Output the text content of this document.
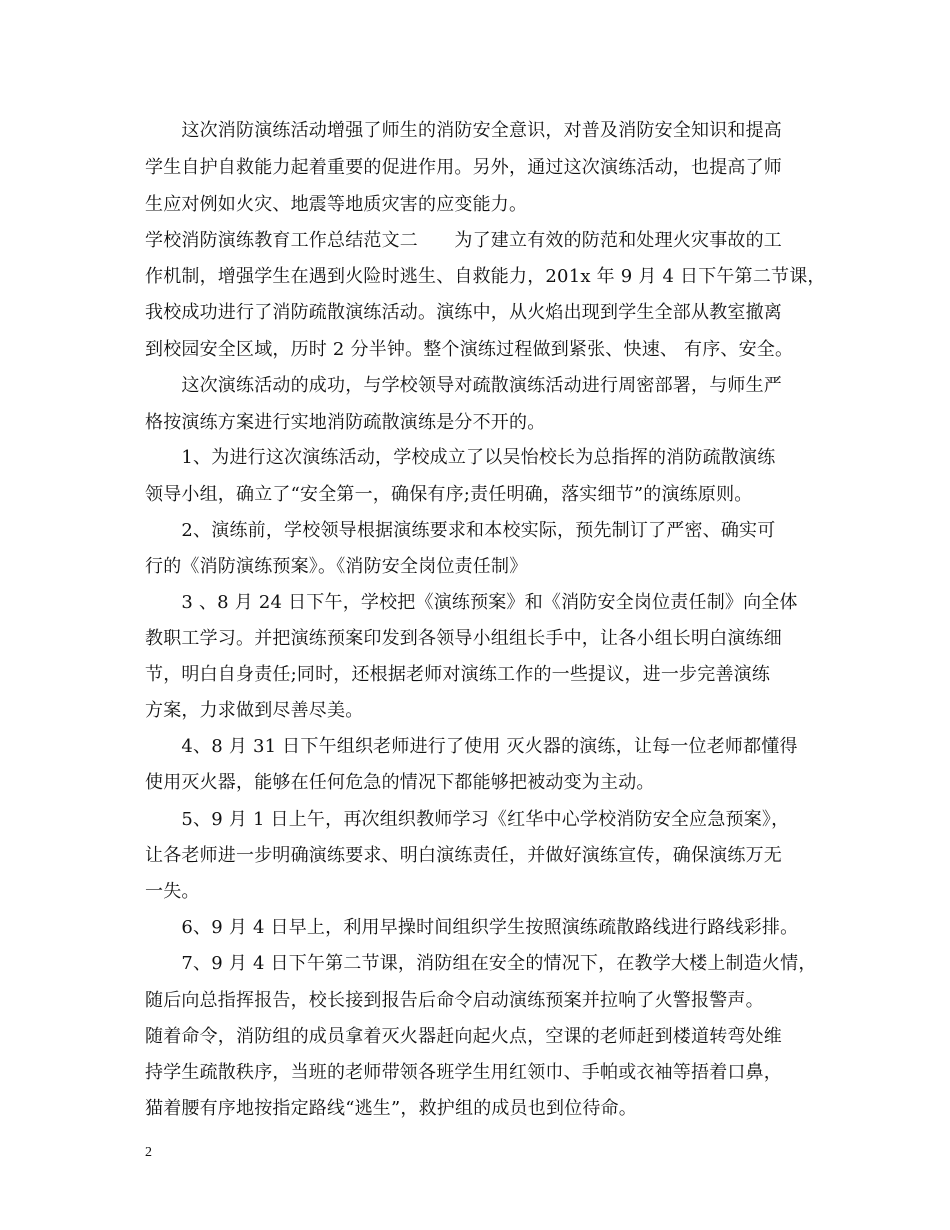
　　这次消防演练活动增强了师生的消防安全意识，对普及消防安全知识和提高
学生自护自救能力起着重要的促进作用。另外，通过这次演练活动，也提高了师
生应对例如火灾、地震等地质灾害的应变能力。
学校消防演练教育工作总结范文二　　为了建立有效的防范和处理火灾事故的工
作机制，增强学生在遇到火险时逃生、自救能力，201x 年 9 月 4 日下午第二节课，
我校成功进行了消防疏散演练活动。演练中，从火焰出现到学生全部从教室撤离
到校园安全区域，历时 2 分半钟。整个演练过程做到紧张、快速、 有序、安全。
　　这次演练活动的成功，与学校领导对疏散演练活动进行周密部署，与师生严
格按演练方案进行实地消防疏散演练是分不开的。
　　1、为进行这次演练活动，学校成立了以吴怡校长为总指挥的消防疏散演练
领导小组，确立了“安全第一，确保有序;责任明确，落实细节”的演练原则。
　　2、演练前，学校领导根据演练要求和本校实际，预先制订了严密、确实可
行的《消防演练预案》。《消防安全岗位责任制》
　　3 、8 月 24 日下午，学校把《演练预案》和《消防安全岗位责任制》向全体
教职工学习。并把演练预案印发到各领导小组组长手中，让各小组长明白演练细
节，明白自身责任;同时，还根据老师对演练工作的一些提议，进一步完善演练
方案，力求做到尽善尽美。
　　4、8 月 31 日下午组织老师进行了使用 灭火器的演练，让每一位老师都懂得
使用灭火器，能够在任何危急的情况下都能够把被动变为主动。
　　5、9 月 1 日上午，再次组织教师学习《红华中心学校消防安全应急预案》，
让各老师进一步明确演练要求、明白演练责任，并做好演练宣传，确保演练万无
一失。
　　6、9 月 4 日早上，利用早操时间组织学生按照演练疏散路线进行路线彩排。
　　7、9 月 4 日下午第二节课，消防组在安全的情况下，在教学大楼上制造火情，
随后向总指挥报告，校长接到报告后命令启动演练预案并拉响了火警报警声。
随着命令，消防组的成员拿着灭火器赶向起火点，空课的老师赶到楼道转弯处维
持学生疏散秩序，当班的老师带领各班学生用红领巾、手帕或衣袖等捂着口鼻，
猫着腰有序地按指定路线“逃生”，救护组的成员也到位待命。
2
